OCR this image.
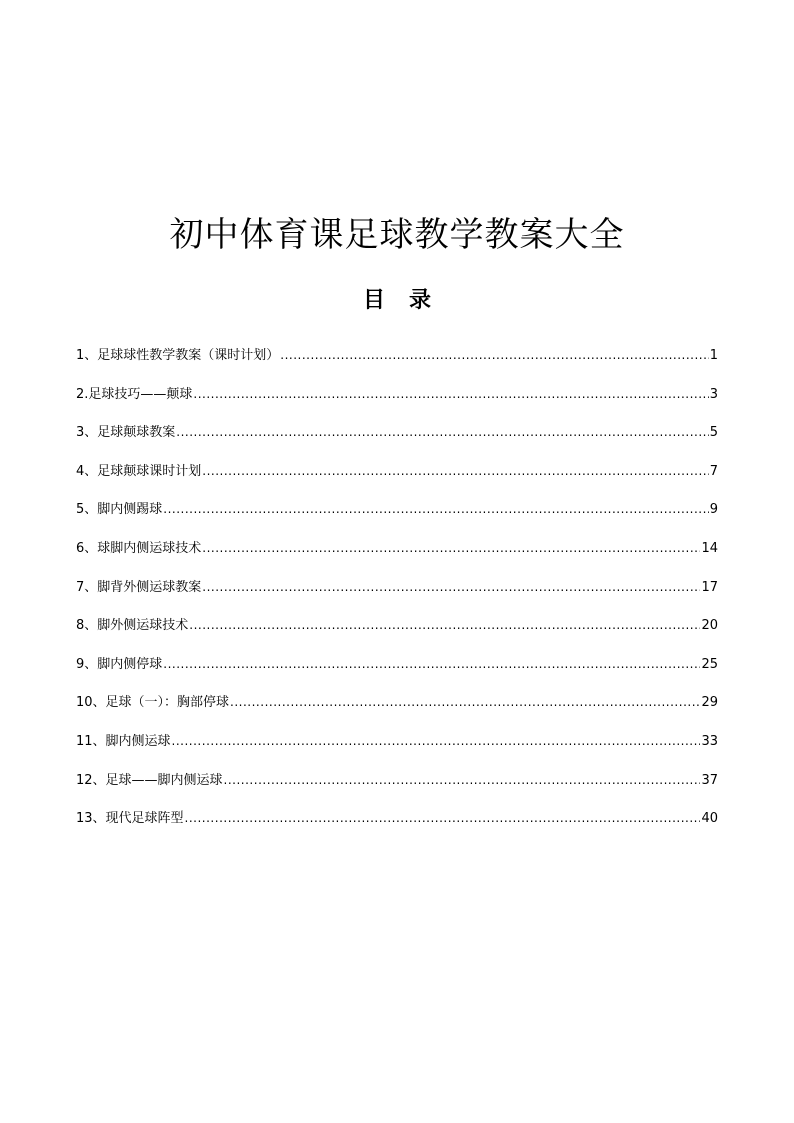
初中体育课足球教学教案大全
目录
1、足球球性教学教案（课时计划） .....	1
2.足球技巧——颠球 .....	3
3、足球颠球教案 .....	5
4、足球颠球课时计划 .....	7
5、脚内侧踢球 .....	9
6、球脚内侧运球技术 .....	14
7、脚背外侧运球教案 .....	17
8、脚外侧运球技术 .....	20
9、脚内侧停球 .....	25
10、足球（一）：胸部停球 .....	29
11、脚内侧运球 .....	33
12、足球——脚内侧运球 .....	37
13、现代足球阵型 .....	40
